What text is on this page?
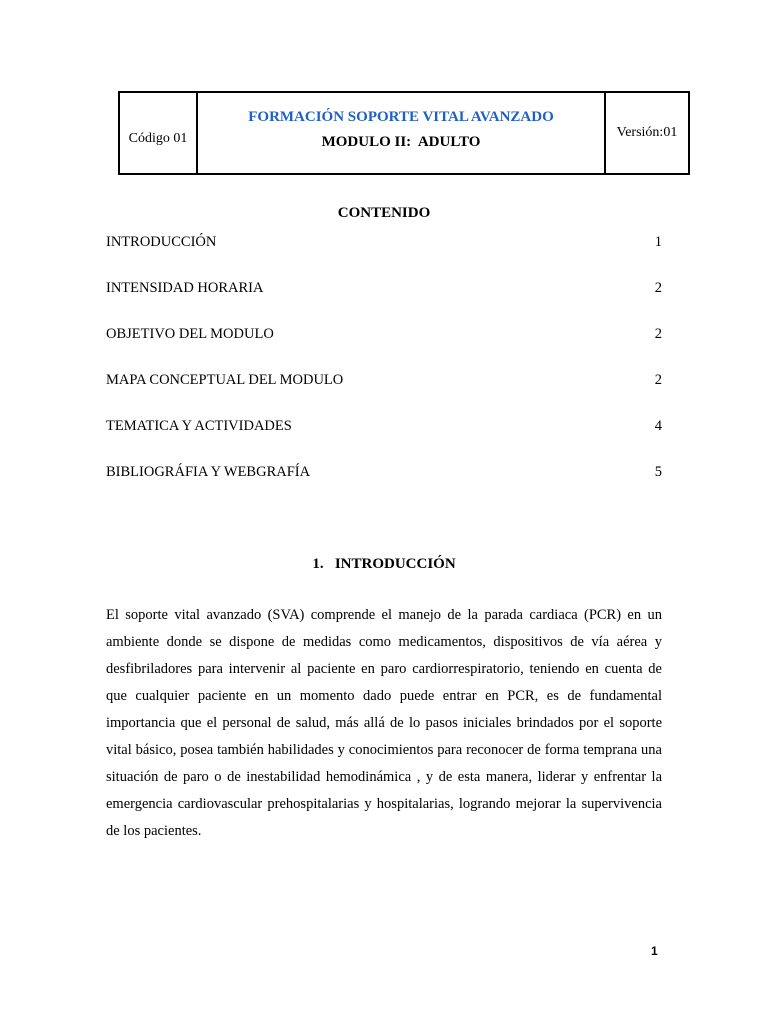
Código 01
FORMACIÓN SOPORTE VITAL AVANZADO
MODULO II:  ADULTO
Versión:01
CONTENIDO
INTRODUCCIÓN	1
INTENSIDAD HORARIA	2
OBJETIVO DEL MODULO	2
MAPA CONCEPTUAL DEL MODULO	2
TEMATICA Y ACTIVIDADES	4
BIBLIOGRÁFIA Y WEBGRAFÍA	5
1.   INTRODUCCIÓN

El soporte vital avanzado (SVA) comprende el manejo de la parada cardiaca (PCR) en un ambiente donde se dispone de medidas como medicamentos, dispositivos de vía aérea y desfibriladores para intervenir al paciente en paro cardiorrespiratorio, teniendo en cuenta de que cualquier paciente en un momento dado puede entrar en PCR, es de fundamental importancia que el personal de salud, más allá de lo pasos iniciales brindados por el soporte vital básico, posea también habilidades y conocimientos para reconocer de forma temprana una situación de paro o de inestabilidad hemodinámica , y de esta manera, liderar y enfrentar la emergencia cardiovascular prehospitalarias y hospitalarias, logrando mejorar la supervivencia de los pacientes.

1
